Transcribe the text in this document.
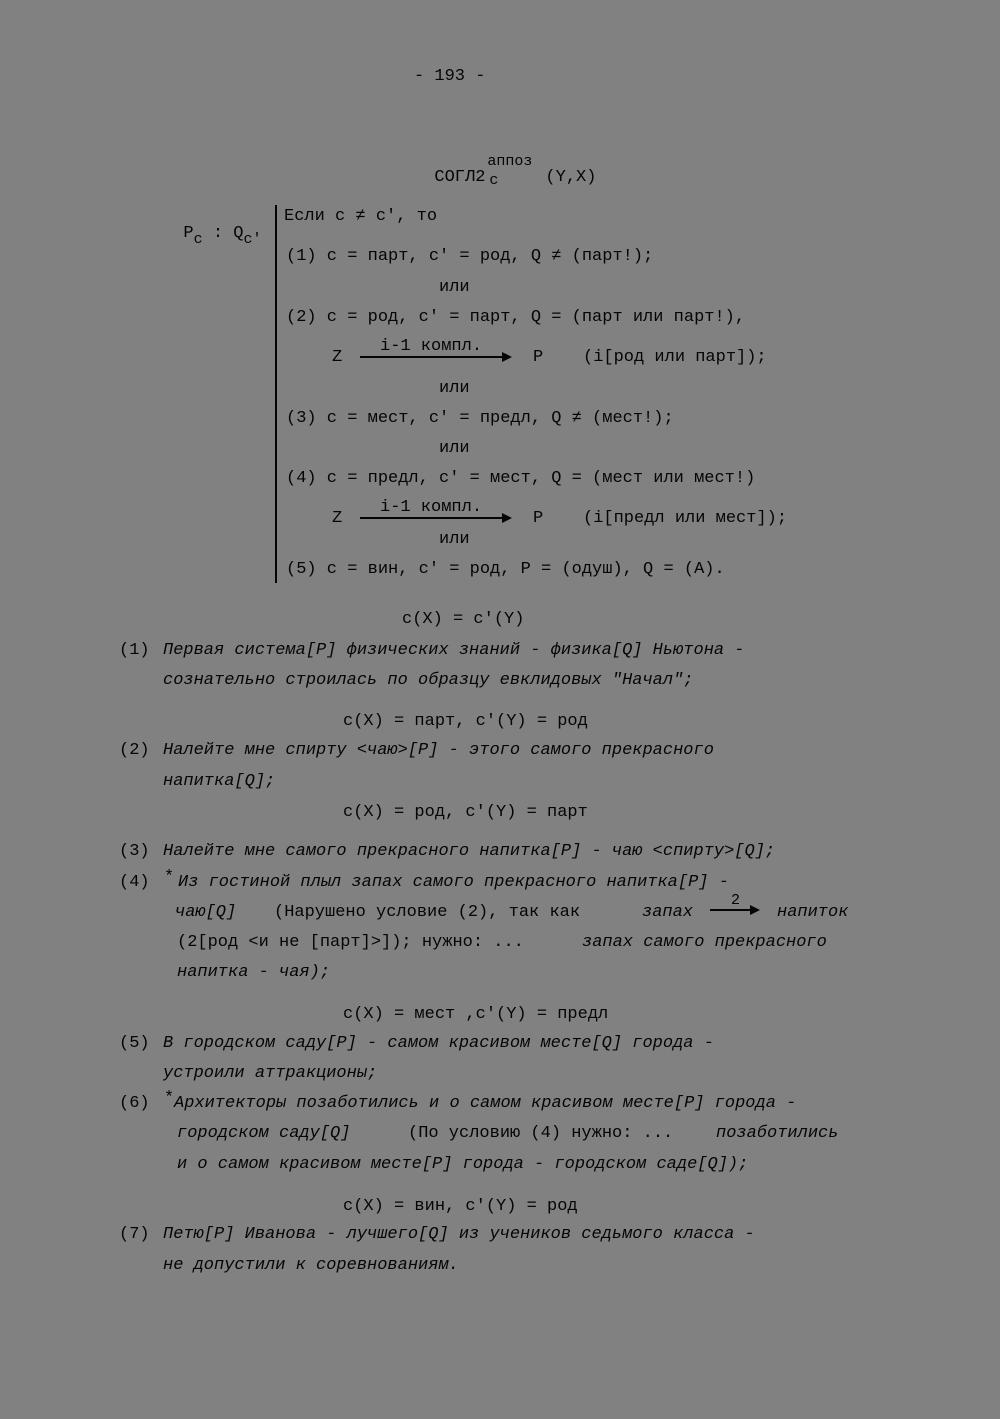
- 193 -

СОГЛ2
аппоз
с	(Y,X)

Pc : Qc'

Если c ≠ c', то
(1) c = парт, c' = род, Q ≠ (парт!);
или
(2) c = род, c' = парт, Q = (парт или парт!),
Z
i-1 компл.
P (i[род или парт]);
или
(3) c = мест, c' = предл, Q ≠ (мест!);
или
(4) c = предл, c' = мест, Q = (мест или мест!)
Z
i-1 компл.
P (i[предл или мест]);
или
(5) c = вин, c' = род, P = (одуш), Q = (A).
c(X) = c'(Y)
(1) Первая система[P] физических знаний - физика[Q] Ньютона -
сознательно строилась по образцу евклидовых "Начал";
c(X) = парт, c'(Y) = род
(2) Налейте мне спирту <чаю>[P] - этого самого прекрасного
напитка[Q];
c(X) = род, c'(Y) = парт
(3) Налейте мне самого прекрасного напитка[P] - чаю <спирту>[Q];
(4) * Из гостиной плыл запах самого прекрасного напитка[P] -
чаю[Q] (Нарушено условие (2), так как	запах
2
напиток
(2[род <и не [парт]>]); нужно: ...	запах самого прекрасного
напитка - чая);
c(X) = мест ,c'(Y) = предл
(5) В городском саду[P] - самом красивом месте[Q] города -
устроили аттракционы;
(6) * Архитекторы позаботились и о самом красивом месте[P] города -
городском саду[Q]	(По условию (4) нужно: ...	позаботились
и о самом красивом месте[P] города - городском саде[Q]);
c(X) = вин, c'(Y) = род
(7) Петю[P] Иванова - лучшего[Q] из учеников седьмого класса -
не допустили к соревнованиям.
